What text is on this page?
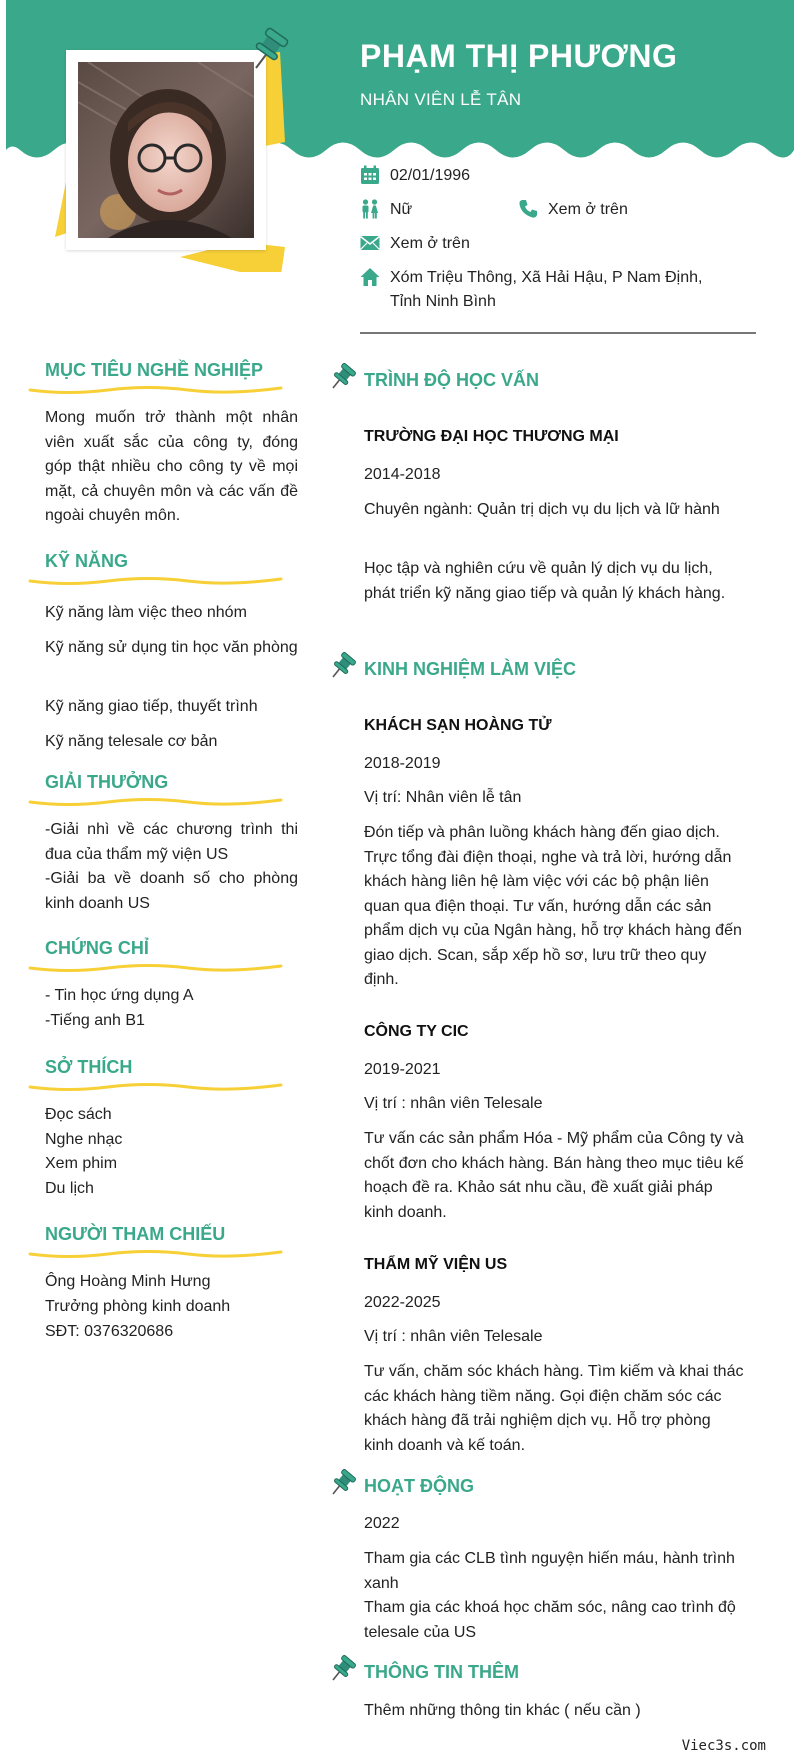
PHẠM THỊ PHƯƠNG
NHÂN VIÊN LỄ TÂN
02/01/1996
Nữ	Xem ở trên
Xem ở trên
Xóm Triệu Thông, Xã Hải Hậu, P Nam Định,
Tỉnh Ninh Bình
MỤC TIÊU NGHỀ NGHIỆP
Mong muốn trở thành một nhân viên xuất sắc của công ty, đóng góp thật nhiều cho công ty về mọi mặt, cả chuyên môn và các vấn đề ngoài chuyên môn.
KỸ NĂNG
Kỹ năng làm việc theo nhóm
Kỹ năng sử dụng tin học văn phòng
Kỹ năng giao tiếp, thuyết trình
Kỹ năng telesale cơ bản
GIẢI THƯỞNG
-Giải nhì về các chương trình thi đua của thẩm mỹ viện US
-Giải ba về doanh số cho phòng kinh doanh US
CHỨNG CHỈ
- Tin học ứng dụng A
-Tiếng anh B1
SỞ THÍCH
Đọc sách
Nghe nhạc
Xem phim
Du lịch
NGƯỜI THAM CHIẾU
Ông Hoàng Minh Hưng
Trưởng phòng kinh doanh
SĐT: 0376320686
TRÌNH ĐỘ HỌC VẤN
TRƯỜNG ĐẠI HỌC THƯƠNG MẠI
2014-2018
Chuyên ngành: Quản trị dịch vụ du lịch và lữ hành
Học tập và nghiên cứu về quản lý dịch vụ du lịch, phát triển kỹ năng giao tiếp và quản lý khách hàng.
KINH NGHIỆM LÀM VIỆC
KHÁCH SẠN HOÀNG TỬ
2018-2019
Vị trí: Nhân viên lễ tân
Đón tiếp và phân luồng khách hàng đến giao dịch. Trực tổng đài điện thoại, nghe và trả lời, hướng dẫn khách hàng liên hệ làm việc với các bộ phận liên quan qua điện thoại. Tư vấn, hướng dẫn các sản phẩm dịch vụ của Ngân hàng, hỗ trợ khách hàng đến giao dịch. Scan, sắp xếp hồ sơ, lưu trữ theo quy định.
CÔNG TY CIC
2019-2021
Vị trí : nhân viên Telesale
Tư vấn các sản phẩm Hóa - Mỹ phẩm của Công ty và chốt đơn cho khách hàng. Bán hàng theo mục tiêu kế hoạch đề ra. Khảo sát nhu cầu, đề xuất giải pháp kinh doanh.
THẨM MỸ VIỆN US
2022-2025
Vị trí : nhân viên Telesale
Tư vấn, chăm sóc khách hàng. Tìm kiếm và khai thác các khách hàng tiềm năng. Gọi điện chăm sóc các khách hàng đã trải nghiệm dịch vụ. Hỗ trợ phòng kinh doanh và kế toán.
HOẠT ĐỘNG
2022
Tham gia các CLB tình nguyện hiến máu, hành trình xanh
Tham gia các khoá học chăm sóc, nâng cao trình độ telesale của US
THÔNG TIN THÊM
Thêm những thông tin khác ( nếu cần )
Viec3s.com
